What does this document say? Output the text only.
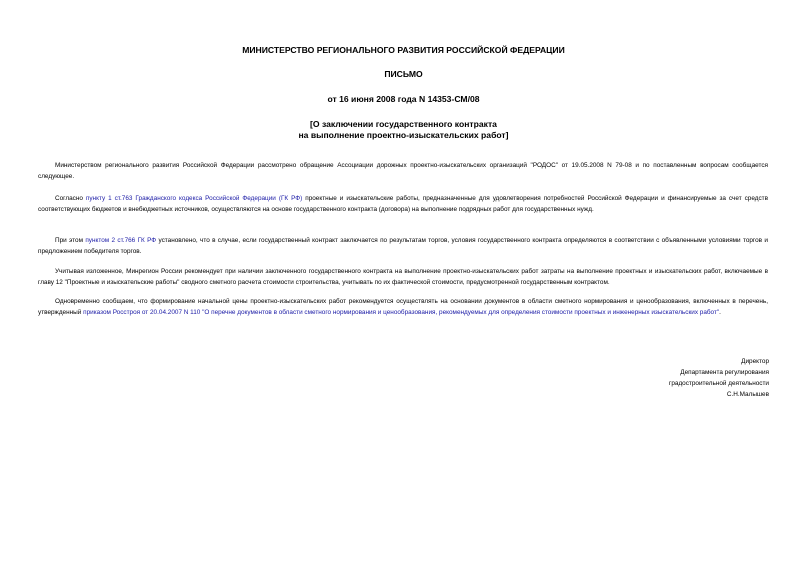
МИНИСТЕРСТВО РЕГИОНАЛЬНОГО РАЗВИТИЯ РОССИЙСКОЙ ФЕДЕРАЦИИ

ПИСЬМО

от 16 июня 2008 года N 14353-СМ/08

[О заключении государственного контракта
на выполнение проектно-изыскательских работ]

Министерством регионального развития Российской Федерации рассмотрено обращение Ассоциации дорожных проектно-изыскательских организаций "РОДОС" от 19.05.2008 N 79-08 и по поставленным вопросам сообщается следующее.

Согласно пункту 1 ст.763 Гражданского кодекса Российской Федерации (ГК РФ) проектные и изыскательские работы, предназначенные для удовлетворения потребностей Российской Федерации и финансируемые за счет средств соответствующих бюджетов и внебюджетных источников, осуществляются на основе государственного контракта (договора) на выполнение подрядных работ для государственных нужд.

При этом пунктом 2 ст.766 ГК РФ установлено, что в случае, если государственный контракт заключается по результатам торгов, условия государственного контракта определяются в соответствии с объявленными условиями торгов и предложением победителя торгов.

Учитывая изложенное, Минрегион России рекомендует при наличии заключенного государственного контракта на выполнение проектно-изыскательских работ затраты на выполнение проектных и изыскательских работ, включаемые в главу 12 "Проектные и изыскательские работы" сводного сметного расчета стоимости строительства, учитывать по их фактической стоимости, предусмотренной государственным контрактом.

Одновременно сообщаем, что формирование начальной цены проектно-изыскательских работ рекомендуется осуществлять на основании документов в области сметного нормирования и ценообразования, включенных в перечень, утвержденный приказом Росстроя от 20.04.2007 N 110 "О перечне документов в области сметного нормирования и ценообразования, рекомендуемых для определения стоимости проектных и инженерных изыскательских работ".

Директор
Департамента регулирования
градостроительной деятельности
С.Н.Малышев
